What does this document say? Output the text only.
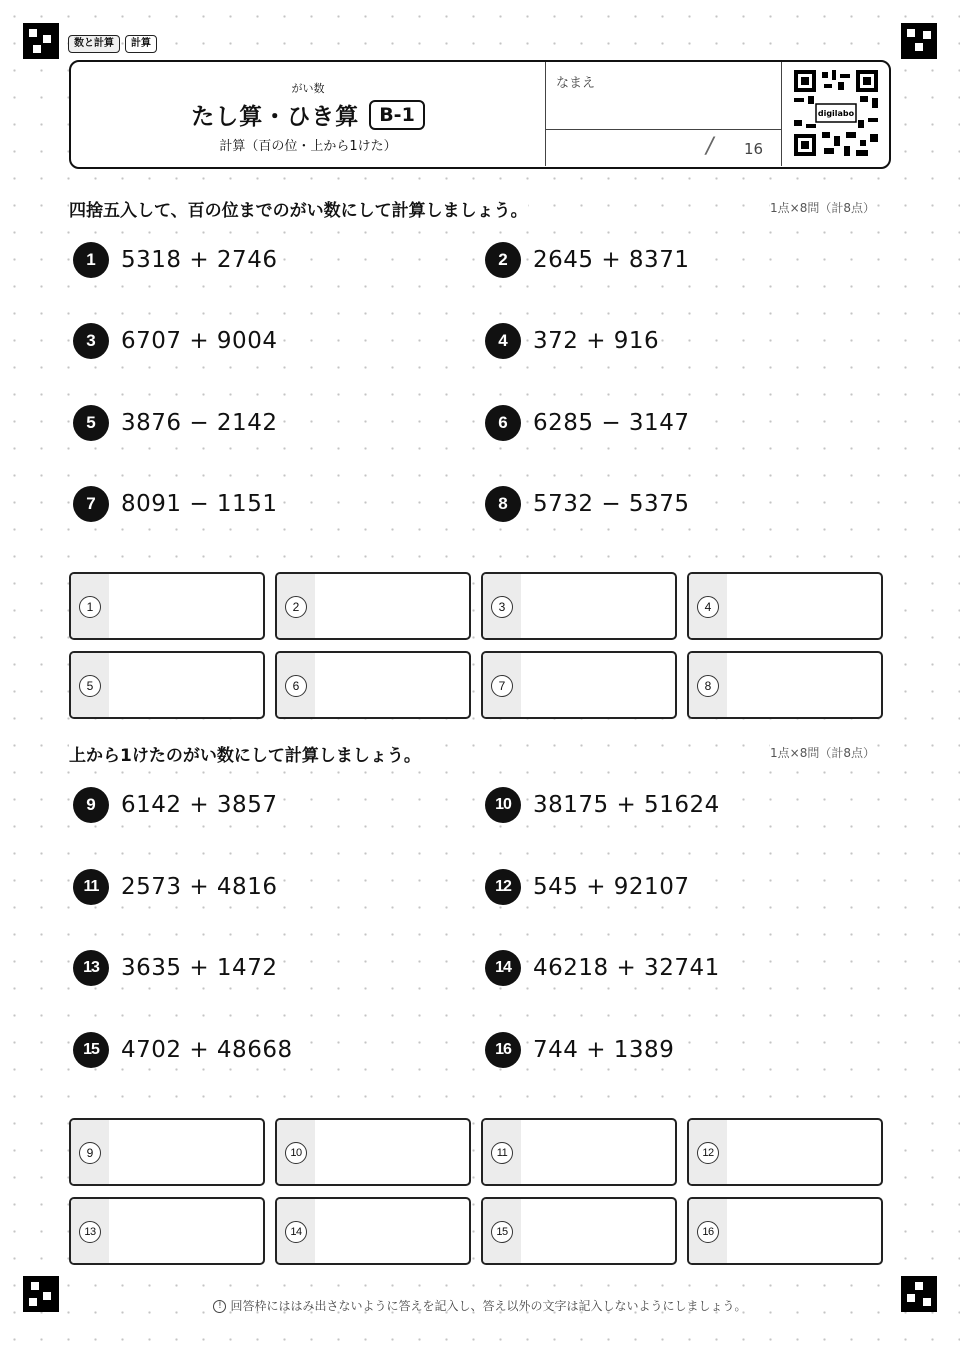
数と計算	計算
がい数
たし算・ひき算	B-1
計算（百の位・上から1けた）
なまえ
/ 16
digilabo
四捨五入して、百の位までのがい数にして計算しましょう。	1点×8問（計8点）
1	5318 + 2746	2	2645 + 8371
3	6707 + 9004	4	372 + 916
5	3876 − 2142	6	6285 − 3147
7	8091 − 1151	8	5732 − 5375
1	2	3	4
5	6	7	8
上から1けたのがい数にして計算しましょう。	1点×8問（計8点）
9	6142 + 3857	10 38175 + 51624
11 2573 + 4816	12 545 + 92107
13 3635 + 1472	14 46218 + 32741
15 4702 + 48668	16 744 + 1389
9	10	11	12
13	14	15	16
! 回答枠にははみ出さないように答えを記入し、答え以外の文字は記入しないようにしましょう。
